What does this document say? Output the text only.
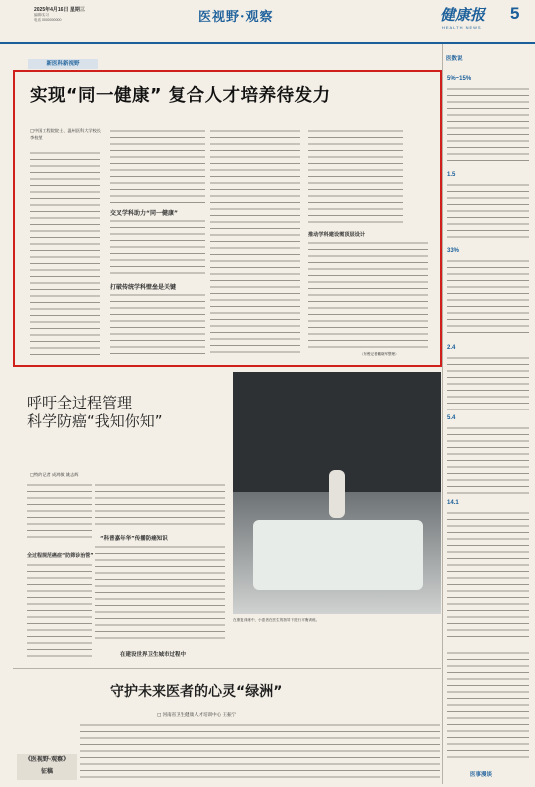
2025年4月16日 星期三
编辑/实习
电话 0000000000	医视野·观察	健康报
HEALTH NEWS
5
新医科新视野
实现“同一健康” 复合人才培养待发力
□中国工程院院士、温州医科大学校长 李校堃
交叉学科助力“同一健康”
打破传统学科壁垒是关键
推动学科建设需顶层设计
（东俊记者戴晓军整理）
呼吁全过程管理
科学防癌“我知你知”
□特约记者 成鸿敏 姚志辉
“科普嘉年华”传播防癌知识
全过程规范癌症“防筛诊治管”
在建设世界卫生城市过程中
在康复训练中，小患者在医生的指导下进行平衡训练。
守护未来医者的心灵“绿洲”
□ 河南省卫生健康人才培训中心 王振宁
《医视野·观察》
征稿
医数说
5%~15%
1.5
33%
2.4
5.4
14.1
医事漫谈
